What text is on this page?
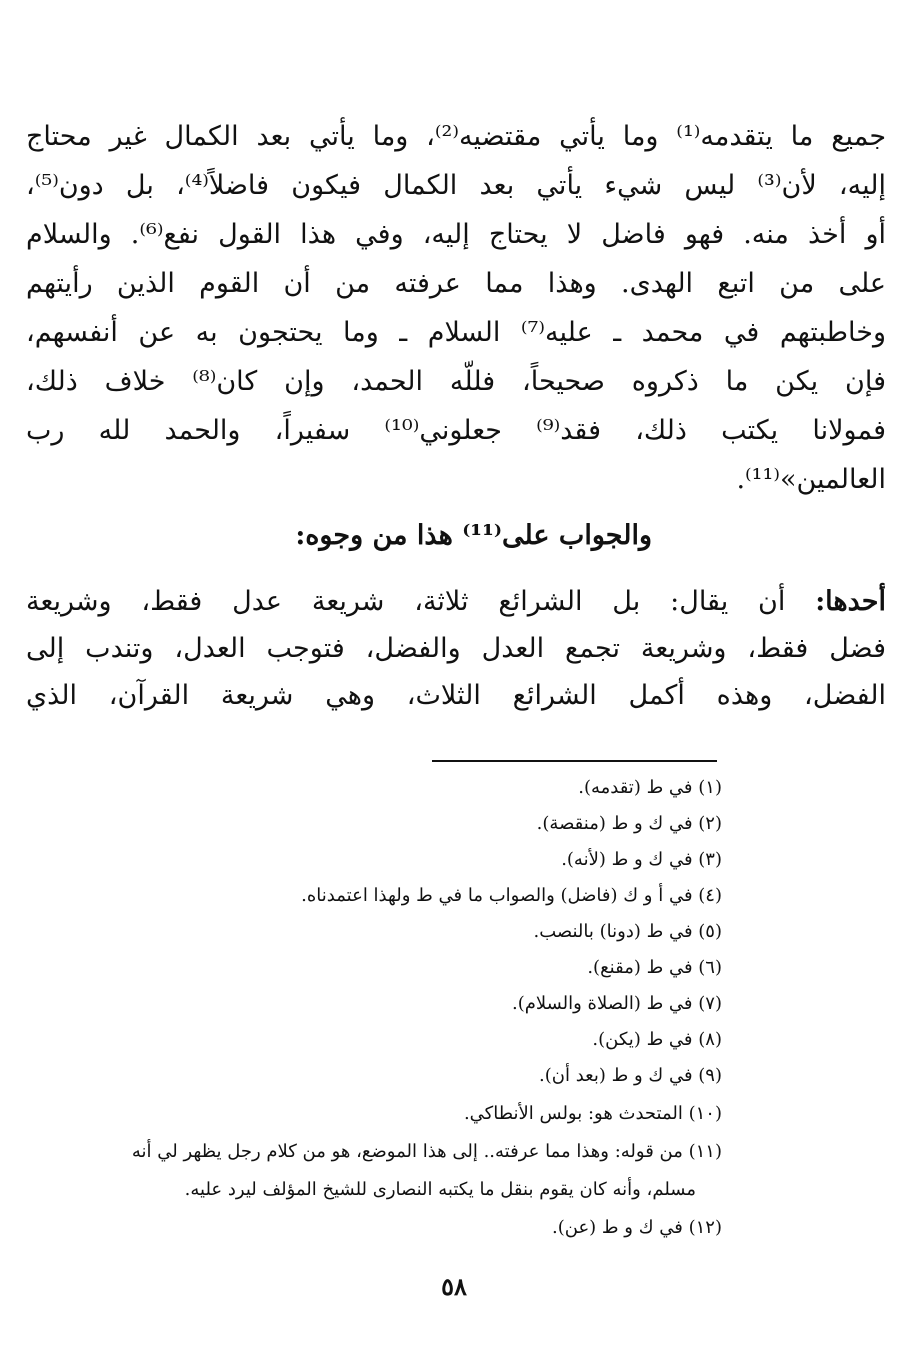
جميع ما يتقدمه⁽¹⁾ وما يأتي مقتضيه⁽²⁾، وما يأتي بعد الكمال غير محتاج
إليه، لأن⁽³⁾ ليس شيء يأتي بعد الكمال فيكون فاضلاً⁽⁴⁾، بل دون⁽⁵⁾،
أو أخذ منه. فهو فاضل لا يحتاج إليه، وفي هذا القول نفع⁽⁶⁾. والسلام
على من اتبع الهدى. وهذا مما عرفته من أن القوم الذين رأيتهم
وخاطبتهم في محمد ـ عليه⁽⁷⁾ السلام ـ وما يحتجون به عن أنفسهم،
فإن يكن ما ذكروه صحيحاً، فللّه الحمد، وإن كان⁽⁸⁾ خلاف ذلك،
فمولانا يكتب ذلك، فقد⁽⁹⁾ جعلوني⁽¹⁰⁾ سفيراً، والحمد لله رب
العالمين»⁽¹¹⁾.
والجواب على⁽¹¹⁾ هذا من وجوه:
أحدها: أن يقال: بل الشرائع ثلاثة، شريعة عدل فقط، وشريعة
فضل فقط، وشريعة تجمع العدل والفضل، فتوجب العدل، وتندب إلى
الفضل، وهذه أكمل الشرائع الثلاث، وهي شريعة القرآن، الذي
(١) في ط (تقدمه).
(٢) في ك و ط (منقصة).
(٣) في ك و ط (لأنه).
(٤) في أ و ك (فاضل) والصواب ما في ط ولهذا اعتمدناه.
(٥) في ط (دونا) بالنصب.
(٦) في ط (مقنع).
(٧) في ط (الصلاة والسلام).
(٨) في ط (يكن).
(٩) في ك و ط (بعد أن).
(١٠) المتحدث هو: بولس الأنطاكي.
(١١) من قوله: وهذا مما عرفته.. إلى هذا الموضع، هو من كلام رجل يظهر لي أنه
مسلم، وأنه كان يقوم بنقل ما يكتبه النصارى للشيخ المؤلف ليرد عليه.
(١٢) في ك و ط (عن).
٥٨
